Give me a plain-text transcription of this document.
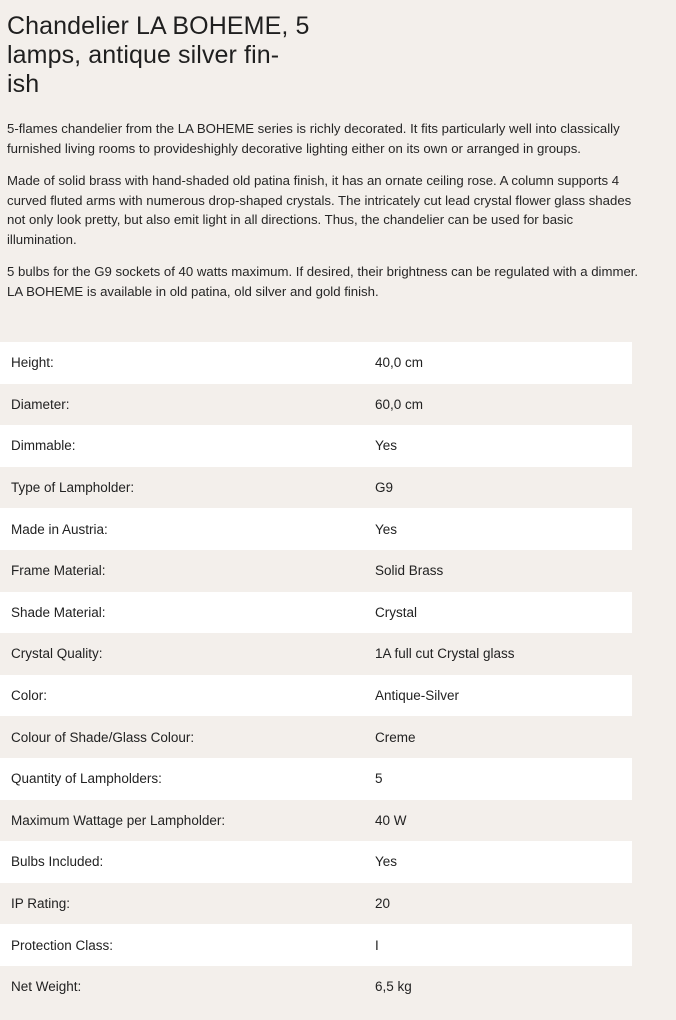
Chandelier LA BOHEME, 5
lamps, antique silver fin-
ish

5-flames chandelier from the LA BOHEME series is richly decorated. It fits particularly well into classically furnished living rooms to provideshighly decorative lighting either on its own or arranged in groups.

Made of solid brass with hand-shaded old patina finish, it has an ornate ceiling rose. A column supports 4 curved fluted arms with numerous drop-shaped crystals. The intricately cut lead crystal flower glass shades not only look pretty, but also emit light in all directions. Thus, the chandelier can be used for basic illumination.

5 bulbs for the G9 sockets of 40 watts maximum. If desired, their brightness can be regulated with a dimmer. LA BOHEME is available in old patina, old silver and gold finish.

Height:	40,0 cm
Diameter:	60,0 cm
Dimmable:	Yes
Type of Lampholder:	G9
Made in Austria:	Yes
Frame Material:	Solid Brass
Shade Material:	Crystal
Crystal Quality:	1A full cut Crystal glass
Color:	Antique-Silver
Colour of Shade/Glass Colour:	Creme
Quantity of Lampholders:	5
Maximum Wattage per Lampholder:	40 W
Bulbs Included:	Yes
IP Rating:	20
Protection Class:	I
Net Weight:	6,5 kg
